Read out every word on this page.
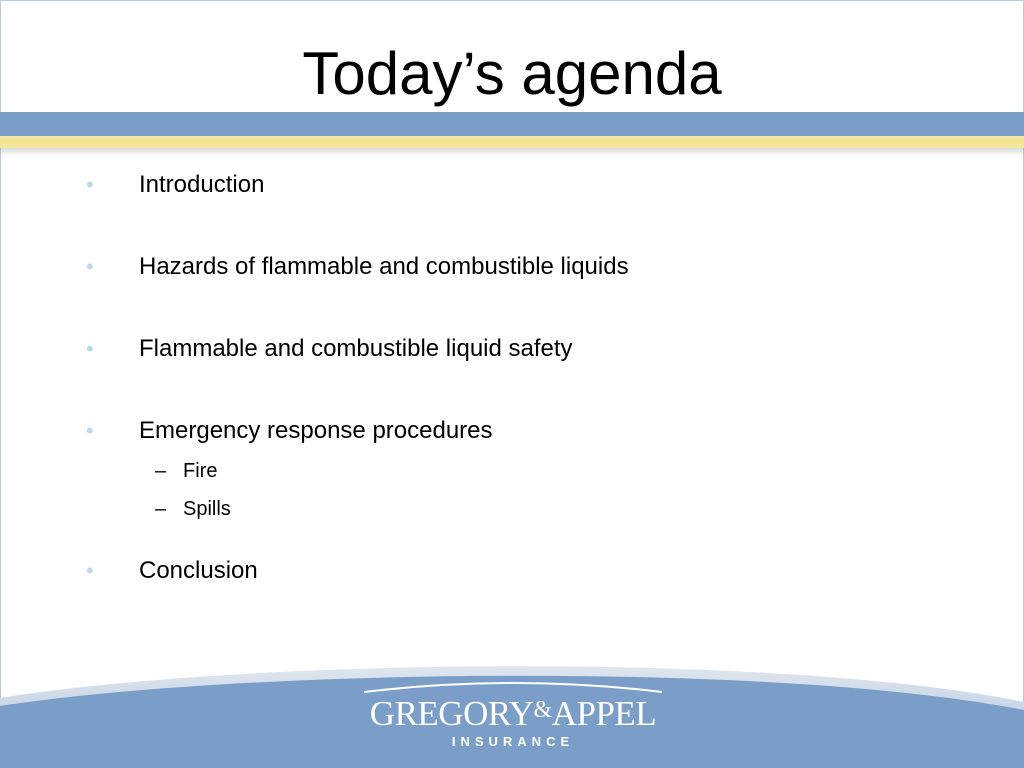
Today’s agenda
• Introduction
• Hazards of flammable and combustible liquids
• Flammable and combustible liquid safety
• Emergency response procedures
– Fire
– Spills
• Conclusion
GREGORY&APPEL
INSURANCE
